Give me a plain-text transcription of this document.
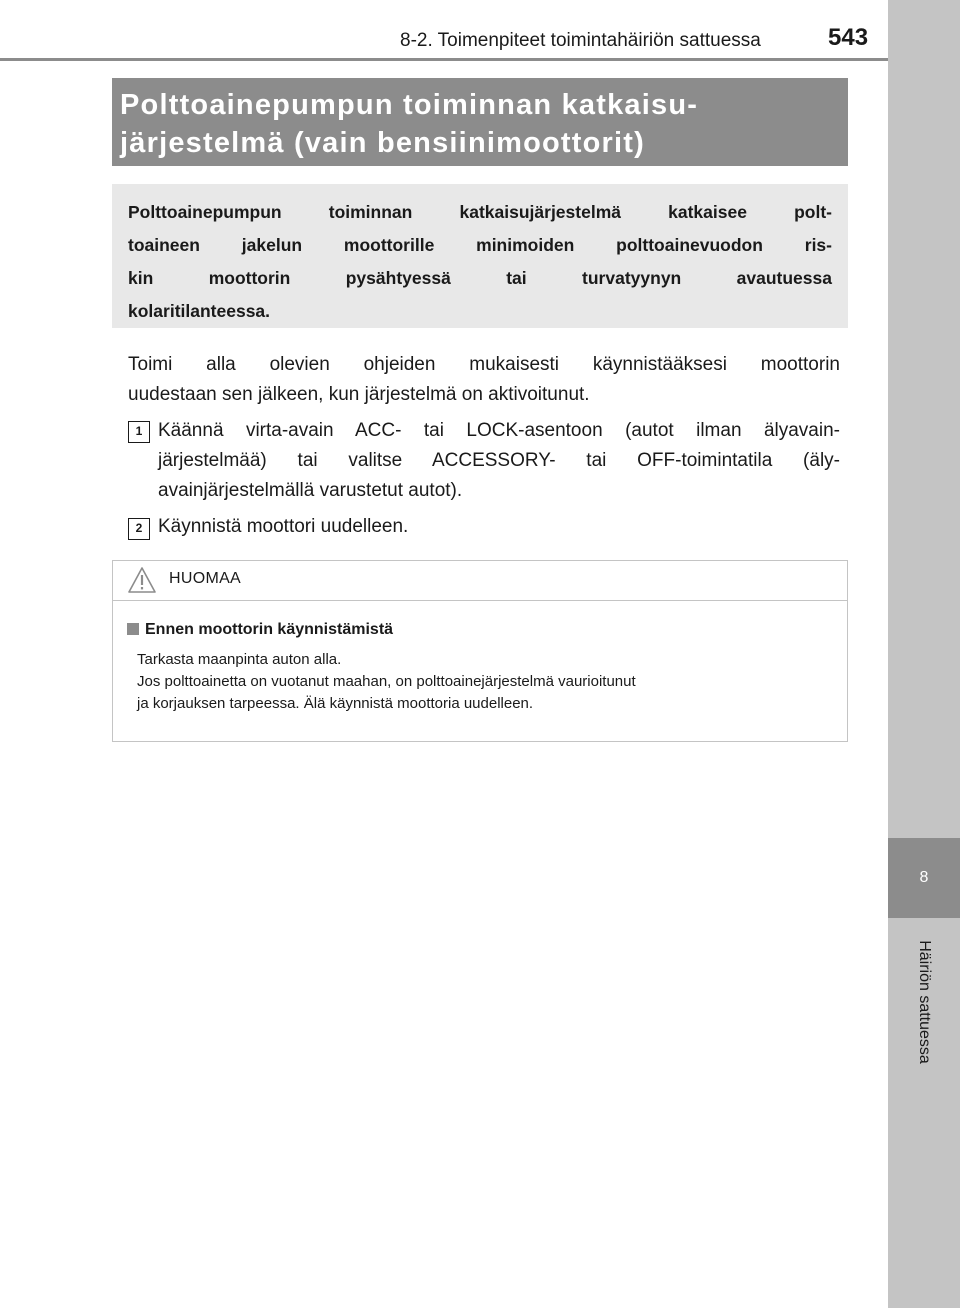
8
Häiriön sattuessa
8-2. Toimenpiteet toimintahäiriön sattuessa	543
Polttoainepumpun toiminnan katkaisu-
järjestelmä (vain bensiinimoottorit)
Polttoainepumpun toiminnan katkaisujärjestelmä katkaisee polt-
toaineen jakelun moottorille minimoiden polttoainevuodon ris-
kin moottorin pysähtyessä tai turvatyynyn avautuessa
kolaritilanteessa.
Toimi alla olevien ohjeiden mukaisesti käynnistääksesi moottorin
uudestaan sen jälkeen, kun järjestelmä on aktivoitunut.
1 Käännä virta-avain ACC- tai LOCK-asentoon (autot ilman älyavain-
järjestelmää) tai valitse ACCESSORY- tai OFF-toimintatila (äly-
avainjärjestelmällä varustetut autot).
2 Käynnistä moottori uudelleen.
HUOMAA
Ennen moottorin käynnistämistä
Tarkasta maanpinta auton alla.
Jos polttoainetta on vuotanut maahan, on polttoainejärjestelmä vaurioitunut
ja korjauksen tarpeessa. Älä käynnistä moottoria uudelleen.
